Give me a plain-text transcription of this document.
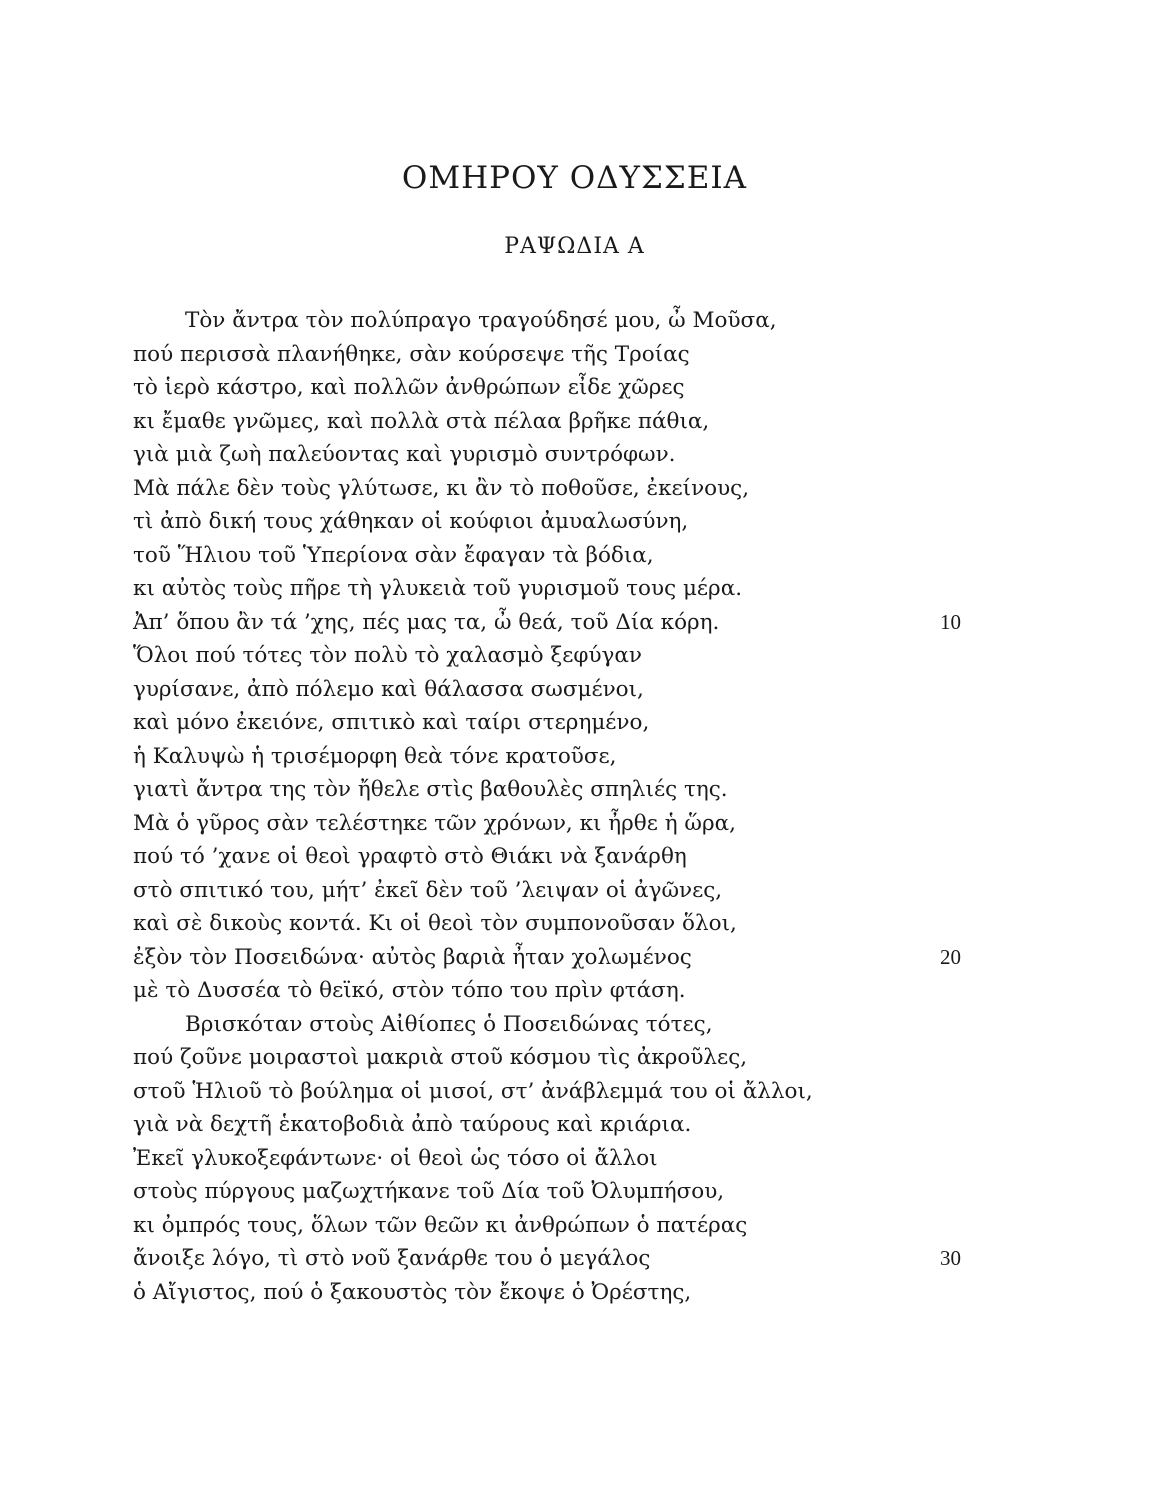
ΟΜΗΡΟΥ ΟΔΥΣΣΕΙΑ
ΡΑΨΩΔΙΑ Α
Τὸν ἄντρα τὸν πολύπραγο τραγούδησέ μου, ὦ Μοῦσα,
πού περισσὰ πλανήθηκε, σὰν κούρσεψε τῆς Τροίας
τὸ ἱερὸ κάστρο, καὶ πολλῶν ἀνθρώπων εἶδε χῶρες
κι ἔμαθε γνῶμες, καὶ πολλὰ στὰ πέλαα βρῆκε πάθια,
γιὰ μιὰ ζωὴ παλεύοντας καὶ γυρισμὸ συντρόφων.
Μὰ πάλε δὲν τοὺς γλύτωσε, κι ἂν τὸ ποθοῦσε, ἐκείνους,
τὶ ἀπὸ δική τους χάθηκαν οἱ κούφιοι ἀμυαλωσύνη,
τοῦ Ἥλιου τοῦ Ὑπερίονα σὰν ἔφαγαν τὰ βόδια,
κι αὐτὸς τοὺς πῆρε τὴ γλυκειὰ τοῦ γυρισμοῦ τους μέρα.
Ἀπ’ ὅπου ἂν τά ’χης, πές μας τα, ὦ θεά, τοῦ Δία κόρη.	10
Ὅλοι πού τότες τὸν πολὺ τὸ χαλασμὸ ξεφύγαν
γυρίσανε, ἀπὸ πόλεμο καὶ θάλασσα σωσμένοι,
καὶ μόνο ἐκειόνε, σπιτικὸ καὶ ταίρι στερημένο,
ἡ Καλυψὼ ἡ τρισέμορφη θεὰ τόνε κρατοῦσε,
γιατὶ ἄντρα της τὸν ἤθελε στὶς βαθουλὲς σπηλιές της.
Μὰ ὁ γῦρος σὰν τελέστηκε τῶν χρόνων, κι ἦρθε ἡ ὥρα,
πού τό ’χανε οἱ θεοὶ γραφτὸ στὸ Θιάκι νὰ ξανάρθη
στὸ σπιτικό του, μήτ’ ἐκεῖ δὲν τοῦ ’λειψαν οἱ ἀγῶνες,
καὶ σὲ δικοὺς κοντά. Κι οἱ θεοὶ τὸν συμπονοῦσαν ὅλοι,
ἐξὸν τὸν Ποσειδώνα· αὐτὸς βαριὰ ἦταν χολωμένος	20
μὲ τὸ Δυσσέα τὸ θεϊκό, στὸν τόπο του πρὶν φτάση.
Βρισκόταν στοὺς Αἰθίοπες ὁ Ποσειδώνας τότες,
πού ζοῦνε μοιραστοὶ μακριὰ στοῦ κόσμου τὶς ἀκροῦλες,
στοῦ Ἡλιοῦ τὸ βούλημα οἱ μισοί, στ’ ἀνάβλεμμά του οἱ ἄλλοι,
γιὰ νὰ δεχτῆ ἑκατοβοδιὰ ἀπὸ ταύρους καὶ κριάρια.
Ἐκεῖ γλυκοξεφάντωνε· οἱ θεοὶ ὡς τόσο οἱ ἄλλοι
στοὺς πύργους μαζωχτήκανε τοῦ Δία τοῦ Ὀλυμπήσου,
κι ὀμπρός τους, ὅλων τῶν θεῶν κι ἀνθρώπων ὁ πατέρας
ἄνοιξε λόγο, τὶ στὸ νοῦ ξανάρθε του ὁ μεγάλος	30
ὁ Αἴγιστος, πού ὁ ξακουστὸς τὸν ἔκοψε ὁ Ὀρέστης,
